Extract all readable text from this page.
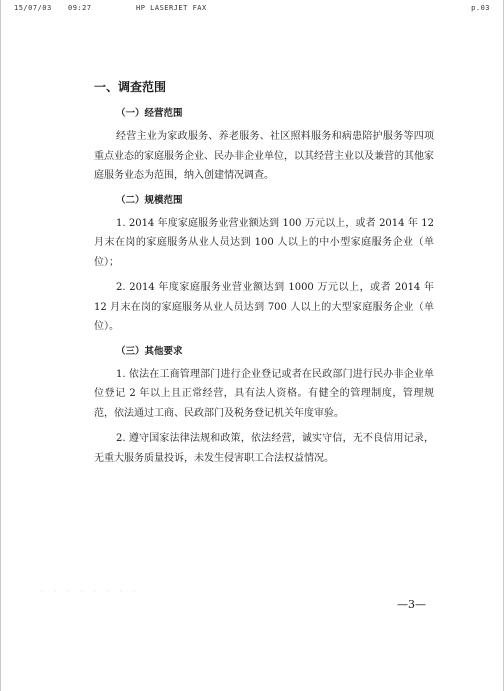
15/07/03 09:27	HP LASERJET FAX	p.03
一、调查范围
（一）经营范围

经营主业为家政服务、养老服务、社区照料服务和病患陪护服务等四项重点业态的家庭服务企业、民办非企业单位，以其经营主业以及兼营的其他家庭服务业态为范围，纳入创建情况调查。

（二）规模范围

1. 2014 年度家庭服务业营业额达到 100 万元以上，或者 2014 年 12 月末在岗的家庭服务从业人员达到 100 人以上的中小型家庭服务企业（单位）；

2. 2014 年度家庭服务业营业额达到 1000 万元以上，或者 2014 年 12 月末在岗的家庭服务从业人员达到 700 人以上的大型家庭服务企业（单位）。

（三）其他要求

1. 依法在工商管理部门进行企业登记或者在民政部门进行民办非企业单位登记 2 年以上且正常经营，具有法人资格。有健全的管理制度，管理规范，依法通过工商、民政部门及税务登记机关年度审验。

2. 遵守国家法律法规和政策，依法经营，诚实守信，无不良信用记录，无重大服务质量投诉，未发生侵害职工合法权益情况。

· · · · · · · ·
—3—
